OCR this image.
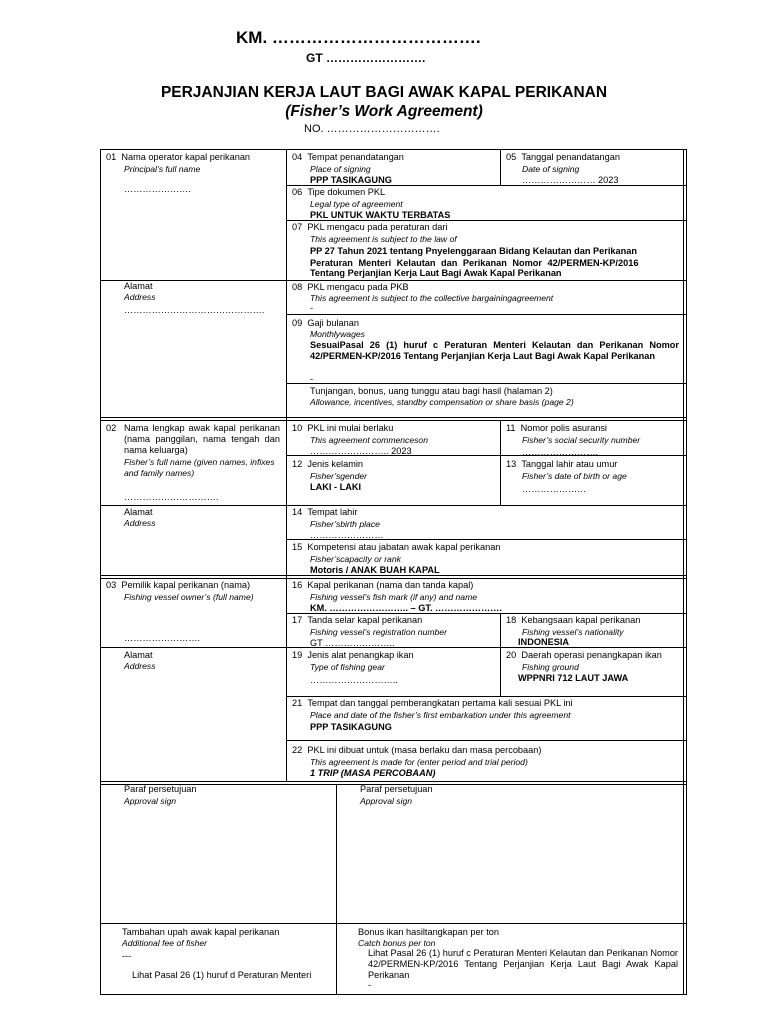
KM. ……………………………….
GT …………………….
PERJANJIAN KERJA LAUT BAGI AWAK KAPAL PERIKANAN
(Fisher’s Work Agreement)
NO. ………………………….
01 Nama operator kapal perikanan
Principal’s full name
………………….
Alamat
Address
……………………………………….
04 Tempat penandatangan
Place of signing
PPP TASIKAGUNG
05 Tanggal penandatangan
Date of signing
…………………… 2023
06 Tipe dokumen PKL
Legal type of agreement
PKL UNTUK WAKTU TERBATAS
07 PKL mengacu pada peraturan dari
This agreement is subject to the law of
PP 27 Tahun 2021 tentang Pnyelenggaraan Bidang Kelautan dan Perikanan
Peraturan Menteri Kelautan dan Perikanan Nomor 42/PERMEN-KP/2016
Tentang Perjanjian Kerja Laut Bagi Awak Kapal Perikanan
08 PKL mengacu pada PKB
This agreement is subject to the collective bargainingagreement
-
09 Gaji bulanan
Monthlywages
SesuaiPasal 26 (1) huruf c Peraturan Menteri Kelautan dan Perikanan Nomor 42/PERMEN-KP/2016 Tentang Perjanjian Kerja Laut Bagi Awak Kapal Perikanan
-
Tunjangan, bonus, uang tunggu atau bagi hasil (halaman 2)
Allowance, incentives, standby compensation or share basis (page 2)
02 Nama lengkap awak kapal perikanan (nama panggilan, nama tengah dan nama keluarga)
Fisher’s full name (given names, infixes and family names)
………………………….
Alamat
Address
10 PKL ini mulai berlaku
This agreement commenceson
…………………….. 2023
11 Nomor polis asuransi
Fisher’s social security number
…………………….
12 Jenis kelamin
Fisher’sgender
LAKI - LAKI
13 Tanggal lahir atau umur
Fisher’s date of birth or age
…………………
14 Tempat lahir
Fisher’sbirth place
……………………
15 Kompetensi atau jabatan awak kapal perikanan
Fisher’scapacity or rank
Motoris / ANAK BUAH KAPAL
03 Pemilik kapal perikanan (nama)
Fishing vessel owner’s (full name)
…………………….
Alamat
Address
16 Kapal perikanan (nama dan tanda kapal)
Fishing vessel’s fish mark (if any) and name
KM. …………………….. – GT. ………………….
17 Tanda selar kapal perikanan
Fishing vessel’s registration number
GT …………………..
18 Kebangsaan kapal perikanan
Fishing vessel’s nationality
INDONESIA
19 Jenis alat penangkap ikan
Type of fishing gear
………………………..
20 Daerah operasi penangkapan ikan
Fishing ground
WPPNRI 712 LAUT JAWA
21 Tempat dan tanggal pemberangkatan pertama kali sesuai PKL ini
Place and date of the fisher’s first embarkation under this agreement
PPP TASIKAGUNG
22 PKL ini dibuat untuk (masa berlaku dan masa percobaan)
This agreement is made for (enter period and trial period)
1 TRIP (MASA PERCOBAAN)
Paraf persetujuan
Approval sign
Paraf persetujuan
Approval sign
Tambahan upah awak kapal perikanan
Additional fee of fisher
---
Lihat Pasal 26 (1) huruf d Peraturan Menteri
Bonus ikan hasiltangkapan per ton
Catch bonus per ton
Lihat Pasal 26 (1) huruf c Peraturan Menteri Kelautan dan Perikanan Nomor 42/PERMEN-KP/2016 Tentang Perjanjian Kerja Laut Bagi Awak Kapal Perikanan
-
